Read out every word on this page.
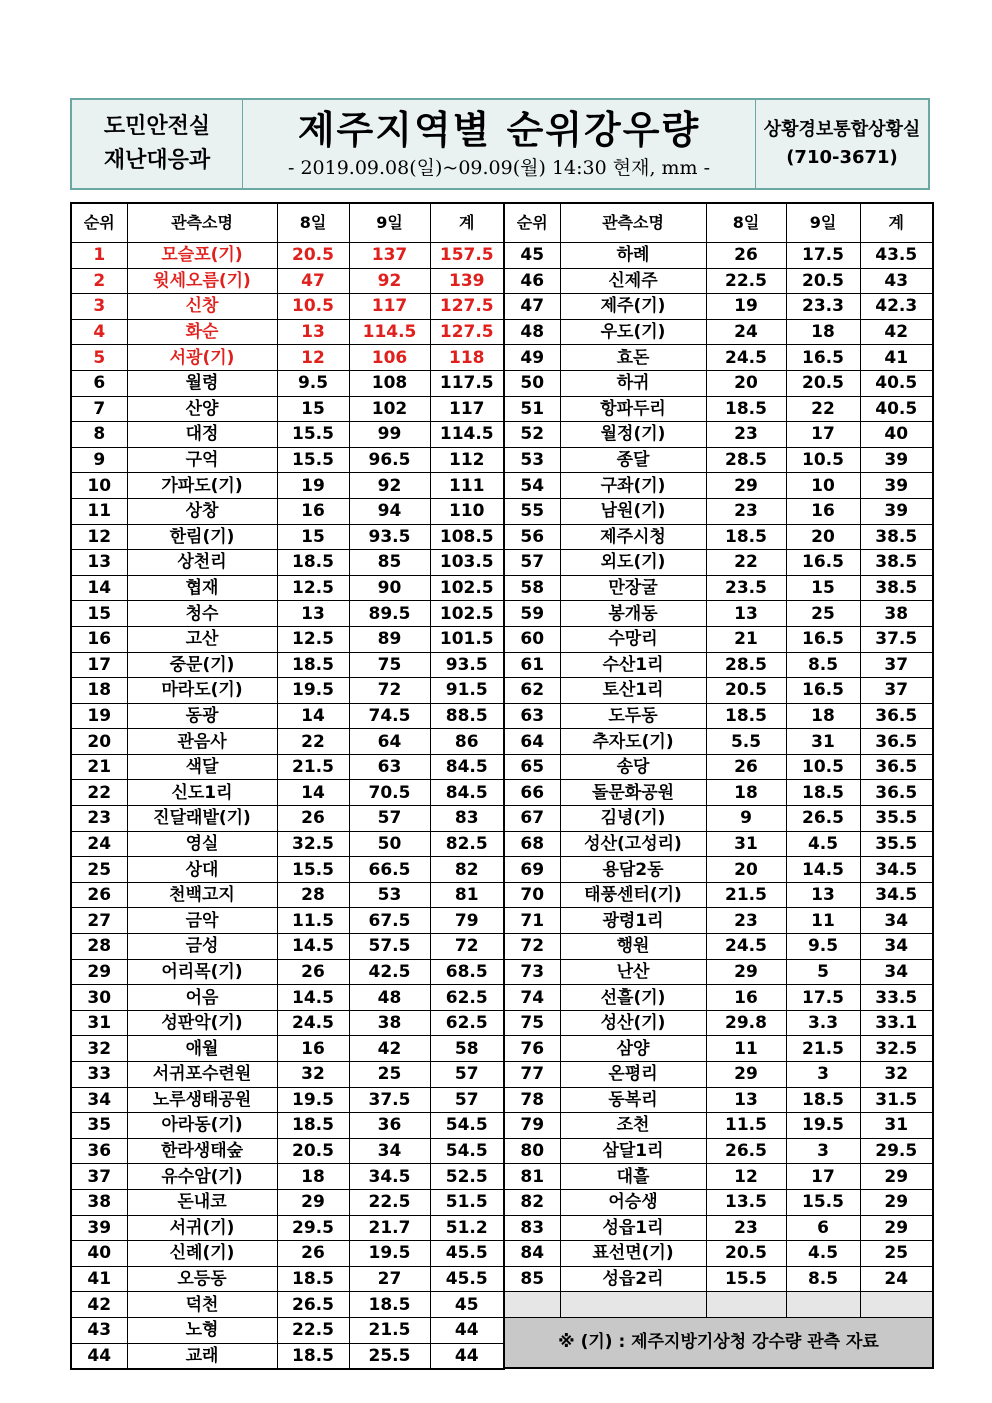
도민안전실
재난대응과
제주지역별 순위강우량
- 2019.09.08(일)~09.09(월) 14:30 현재, mm -
상황경보통합상황실
(710-3671)
순위	관측소명	8일	9일	계
1	모슬포(기)	20.5	137	157.5
2	윗세오름(기)	47	92	139
3	신창	10.5	117	127.5
4	화순	13	114.5	127.5
5	서광(기)	12	106	118
6	월령	9.5	108	117.5
7	산양	15	102	117
8	대정	15.5	99	114.5
9	구억	15.5	96.5	112
10	가파도(기)	19	92	111
11	상창	16	94	110
12	한림(기)	15	93.5	108.5
13	상천리	18.5	85	103.5
14	협재	12.5	90	102.5
15	청수	13	89.5	102.5
16	고산	12.5	89	101.5
17	중문(기)	18.5	75	93.5
18	마라도(기)	19.5	72	91.5
19	동광	14	74.5	88.5
20	관음사	22	64	86
21	색달	21.5	63	84.5
22	신도1리	14	70.5	84.5
23	진달래밭(기)	26	57	83
24	영실	32.5	50	82.5
25	상대	15.5	66.5	82
26	천백고지	28	53	81
27	금악	11.5	67.5	79
28	금성	14.5	57.5	72
29	어리목(기)	26	42.5	68.5
30	어음	14.5	48	62.5
31	성판악(기)	24.5	38	62.5
32	애월	16	42	58
33	서귀포수련원	32	25	57
34	노루생태공원	19.5	37.5	57
35	아라동(기)	18.5	36	54.5
36	한라생태숲	20.5	34	54.5
37	유수암(기)	18	34.5	52.5
38	돈내코	29	22.5	51.5
39	서귀(기)	29.5	21.7	51.2
40	신례(기)	26	19.5	45.5
41	오등동	18.5	27	45.5
42	덕천	26.5	18.5	45
43	노형	22.5	21.5	44
44	교래	18.5	25.5	44
순위	관측소명	8일	9일	계
45	하례	26	17.5	43.5
46	신제주	22.5	20.5	43
47	제주(기)	19	23.3	42.3
48	우도(기)	24	18	42
49	효돈	24.5	16.5	41
50	하귀	20	20.5	40.5
51	항파두리	18.5	22	40.5
52	월정(기)	23	17	40
53	종달	28.5	10.5	39
54	구좌(기)	29	10	39
55	남원(기)	23	16	39
56	제주시청	18.5	20	38.5
57	외도(기)	22	16.5	38.5
58	만장굴	23.5	15	38.5
59	봉개동	13	25	38
60	수망리	21	16.5	37.5
61	수산1리	28.5	8.5	37
62	토산1리	20.5	16.5	37
63	도두동	18.5	18	36.5
64	추자도(기)	5.5	31	36.5
65	송당	26	10.5	36.5
66	돌문화공원	18	18.5	36.5
67	김녕(기)	9	26.5	35.5
68	성산(고성리)	31	4.5	35.5
69	용담2동	20	14.5	34.5
70	태풍센터(기)	21.5	13	34.5
71	광령1리	23	11	34
72	행원	24.5	9.5	34
73	난산	29	5	34
74	선흘(기)	16	17.5	33.5
75	성산(기)	29.8	3.3	33.1
76	삼양	11	21.5	32.5
77	온평리	29	3	32
78	동복리	13	18.5	31.5
79	조천	11.5	19.5	31
80	삼달1리	26.5	3	29.5
81	대흘	12	17	29
82	어승생	13.5	15.5	29
83	성읍1리	23	6	29
84	표선면(기)	20.5	4.5	25
85	성읍2리	15.5	8.5	24

※ (기) : 제주지방기상청 강수량 관측 자료				
